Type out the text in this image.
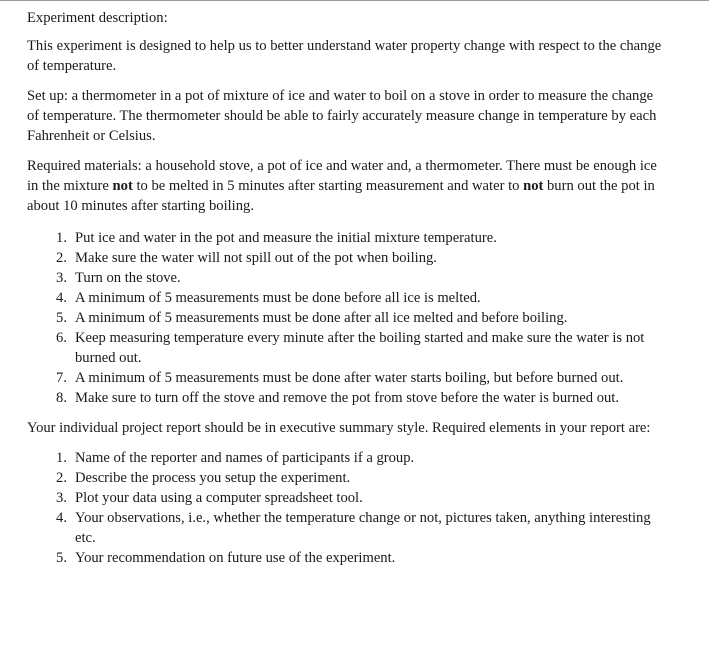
Experiment description:
This experiment is designed to help us to better understand water property change with respect to the change of temperature.
Set up: a thermometer in a pot of mixture of ice and water to boil on a stove in order to measure the change of temperature. The thermometer should be able to fairly accurately measure change in temperature by each Fahrenheit or Celsius.
Required materials: a household stove, a pot of ice and water and, a thermometer. There must be enough ice in the mixture not to be melted in 5 minutes after starting measurement and water to not burn out the pot in about 10 minutes after starting boiling.
1. Put ice and water in the pot and measure the initial mixture temperature.
2. Make sure the water will not spill out of the pot when boiling.
3. Turn on the stove.
4. A minimum of 5 measurements must be done before all ice is melted.
5. A minimum of 5 measurements must be done after all ice melted and before boiling.
6. Keep measuring temperature every minute after the boiling started and make sure the water is not burned out.
7. A minimum of 5 measurements must be done after water starts boiling, but before burned out.
8. Make sure to turn off the stove and remove the pot from stove before the water is burned out.
Your individual project report should be in executive summary style. Required elements in your report are:
1. Name of the reporter and names of participants if a group.
2. Describe the process you setup the experiment.
3. Plot your data using a computer spreadsheet tool.
4. Your observations, i.e., whether the temperature change or not, pictures taken, anything interesting etc.
5. Your recommendation on future use of the experiment.
